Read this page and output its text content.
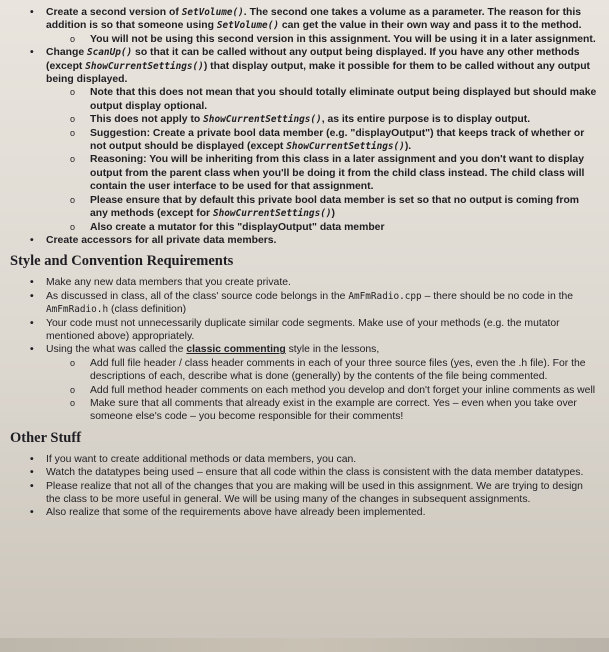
• Create a second version of SetVolume(). The second one takes a volume as a parameter. The reason for this addition is so that someone using SetVolume() can get the value in their own way and pass it to the method.
o You will not be using this second version in this assignment. You will be using it in a later assignment.
• Change ScanUp() so that it can be called without any output being displayed. If you have any other methods (except ShowCurrentSettings()) that display output, make it possible for them to be called without any output being displayed.
o Note that this does not mean that you should totally eliminate output being displayed but should make output display optional.
o This does not apply to ShowCurrentSettings(), as its entire purpose is to display output.
o Suggestion: Create a private bool data member (e.g. "displayOutput") that keeps track of whether or not output should be displayed (except ShowCurrentSettings()).
o Reasoning: You will be inheriting from this class in a later assignment and you don't want to display output from the parent class when you'll be doing it from the child class instead. The child class will contain the user interface to be used for that assignment.
o Please ensure that by default this private bool data member is set so that no output is coming from any methods (except for ShowCurrentSettings())
o Also create a mutator for this "displayOutput" data member
• Create accessors for all private data members.
Style and Convention Requirements
• Make any new data members that you create private.
• As discussed in class, all of the class' source code belongs in the AmFmRadio.cpp – there should be no code in the AmFmRadio.h (class definition)
• Your code must not unnecessarily duplicate similar code segments. Make use of your methods (e.g. the mutator mentioned above) appropriately.
• Using the what was called the classic commenting style in the lessons,
o Add full file header / class header comments in each of your three source files (yes, even the .h file). For the descriptions of each, describe what is done (generally) by the contents of the file being commented.
o Add full method header comments on each method you develop and don't forget your inline comments as well
o Make sure that all comments that already exist in the example are correct. Yes – even when you take over someone else's code – you become responsible for their comments!
Other Stuff
• If you want to create additional methods or data members, you can.
• Watch the datatypes being used – ensure that all code within the class is consistent with the data member datatypes.
• Please realize that not all of the changes that you are making will be used in this assignment. We are trying to design the class to be more useful in general. We will be using many of the changes in subsequent assignments.
• Also realize that some of the requirements above have already been implemented.
